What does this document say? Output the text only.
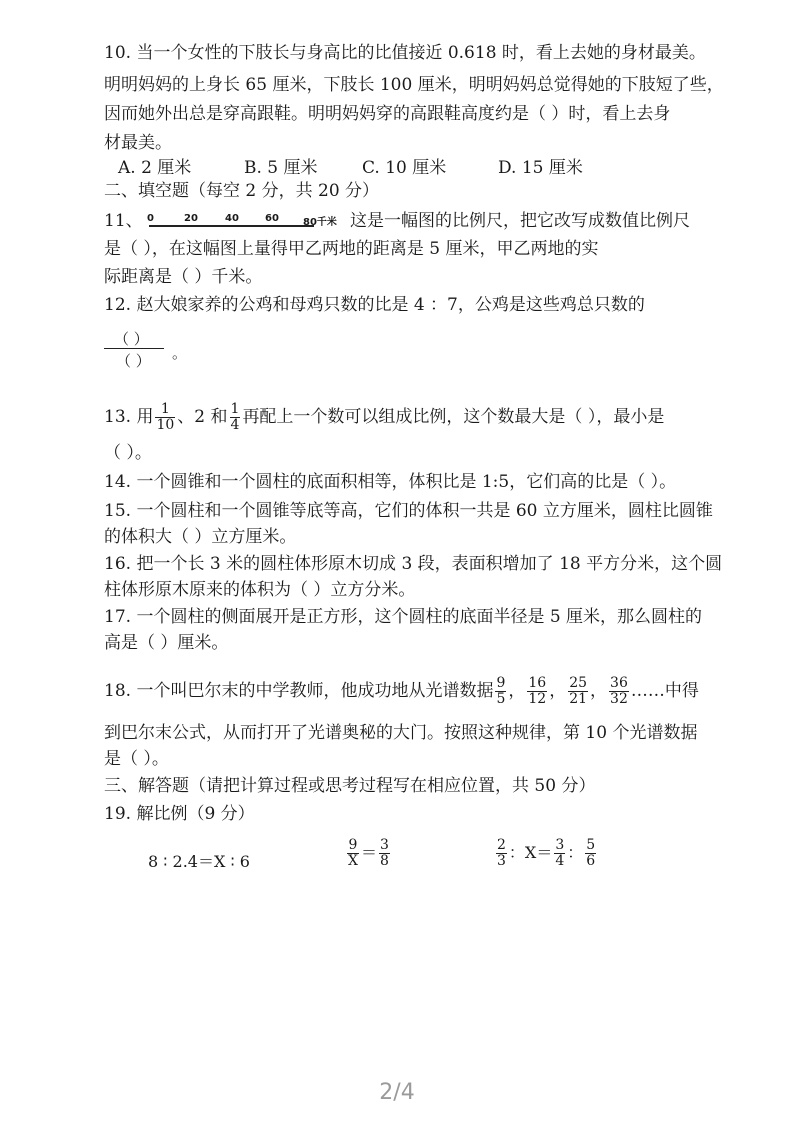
10. 当一个女性的下肢长与身高比的比值接近 0.618 时，看上去她的身材最美。
明明妈妈的上身长 65 厘米，下肢长 100 厘米，明明妈妈总觉得她的下肢短了些，
因而她外出总是穿高跟鞋。明明妈妈穿的高跟鞋高度约是（ ）时，看上去身
材最美。
A. 2 厘米	B. 5 厘米	C. 10 厘米	D. 15 厘米
二、填空题（每空 2 分，共 20 分）
11、 0	20	40	60 80千米 这是一幅图的比例尺，把它改写成数值比例尺
是（ ），在这幅图上量得甲乙两地的距离是 5 厘米，甲乙两地的实
际距离是（ ）千米。
12. 赵大娘家养的公鸡和母鸡只数的比是 4 ：7，公鸡是这些鸡总只数的
（ ）
（ ） 。
13. 用 $\frac{1}{10}$ 、2 和 $\frac{1}{4}$ 再配上一个数可以组成比例，这个数最大是（ ），最小是
（ ）。
14. 一个圆锥和一个圆柱的底面积相等，体积比是 1:5，它们高的比是（ ）。
15. 一个圆柱和一个圆锥等底等高，它们的体积一共是 60 立方厘米，圆柱比圆锥
的体积大（ ）立方厘米。
16. 把一个长 3 米的圆柱体形原木切成 3 段，表面积增加了 18 平方分米，这个圆
柱体形原木原来的体积为（ ）立方分米。
17. 一个圆柱的侧面展开是正方形，这个圆柱的底面半径是 5 厘米，那么圆柱的
高是（ ）厘米。
18. 一个叫巴尔末的中学教师，他成功地从光谱数据 $\frac{9}{5}$ ， $\frac{16}{12}$ ， $\frac{25}{21}$ ， $\frac{36}{32}$ ……中得
到巴尔末公式，从而打开了光谱奥秘的大门。按照这种规律，第 10 个光谱数据
是（ ）。
三、解答题（请把计算过程或思考过程写在相应位置，共 50 分）
19. 解比例（9 分）
8 ∶ 2.4＝X ∶ 6	$\frac{9}{X} = \frac{3}{8}$	$\frac{2}{3}$ ：$X= \frac{3}{4}$ ： $\frac{5}{6}$
2/4
